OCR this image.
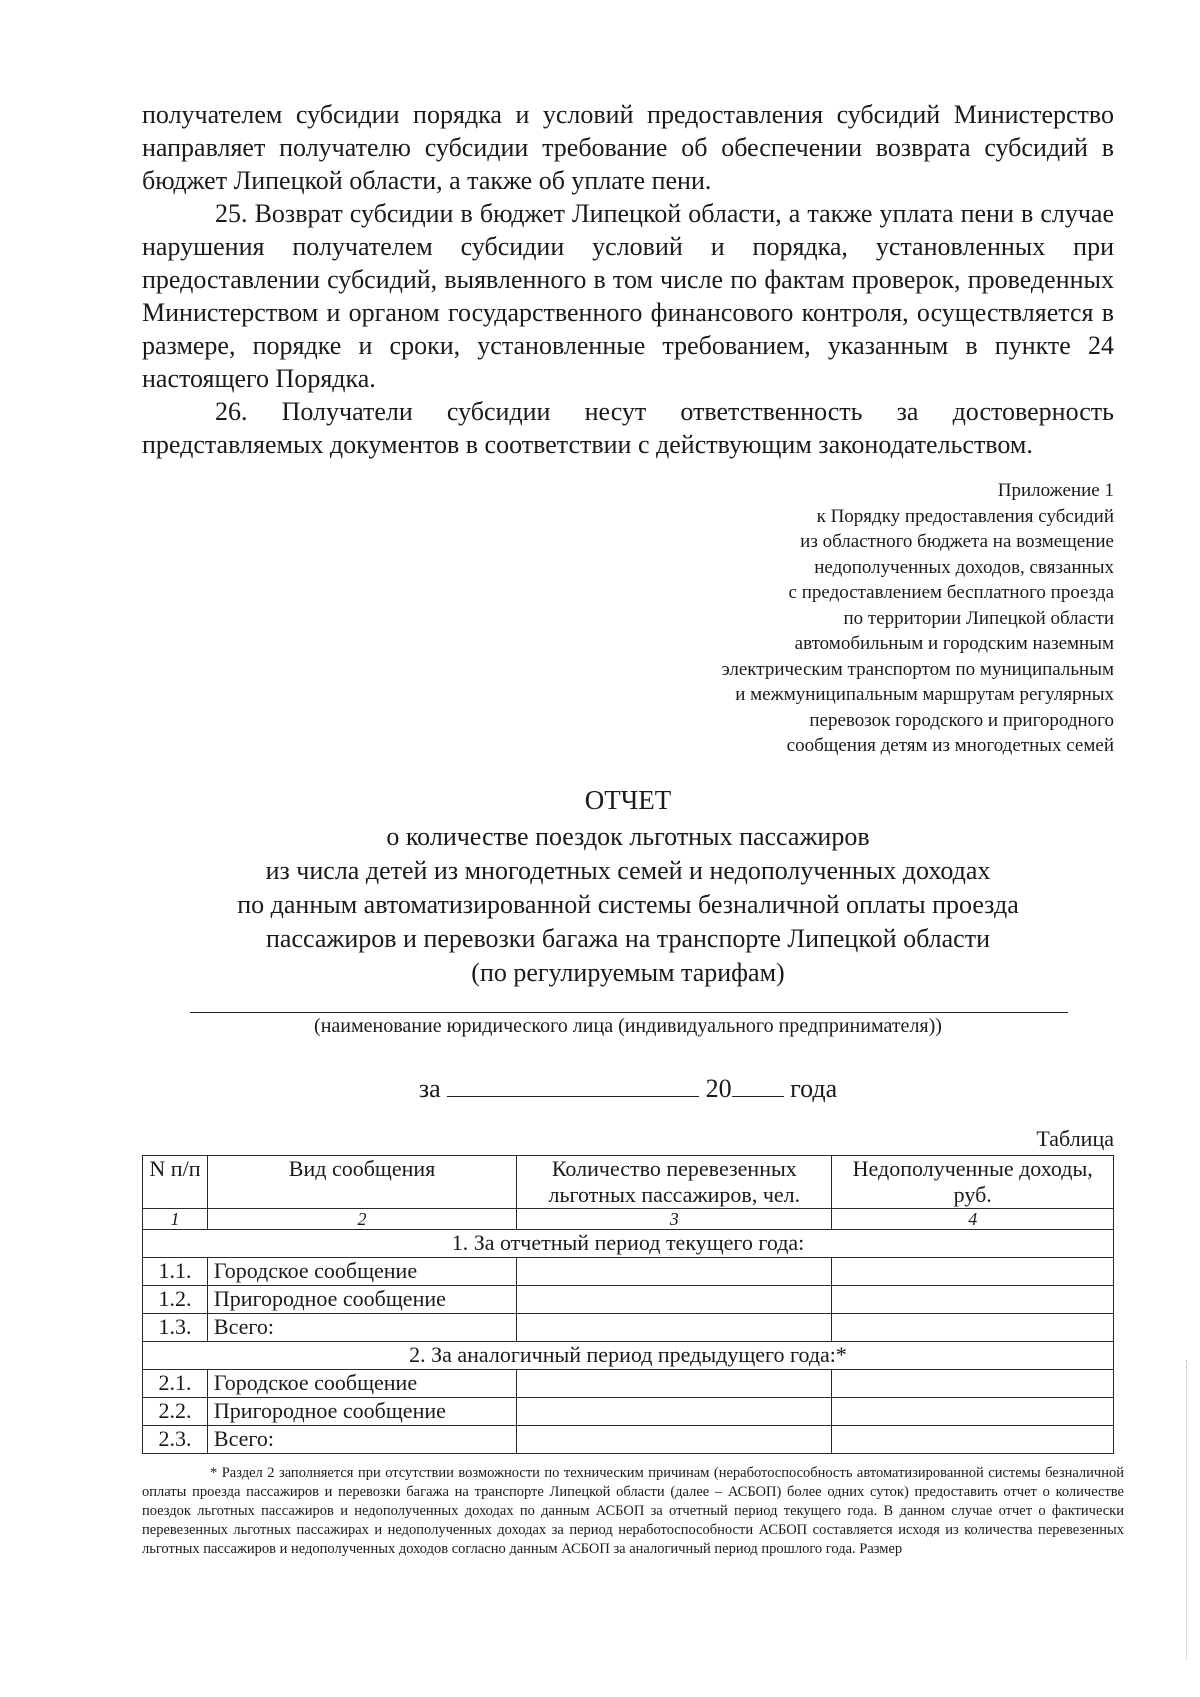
получателем субсидии порядка и условий предоставления субсидий Министерство направляет получателю субсидии требование об обеспечении возврата субсидий в бюджет Липецкой области, а также об уплате пени.

25. Возврат субсидии в бюджет Липецкой области, а также уплата пени в случае нарушения получателем субсидии условий и порядка, установленных при предоставлении субсидий, выявленного в том числе по фактам проверок, проведенных Министерством и органом государственного финансового контроля, осуществляется в размере, порядке и сроки, установленные требованием, указанным в пункте 24 настоящего Порядка.

26. Получатели субсидии несут ответственность за достоверность представляемых документов в соответствии с действующим законодательством.

Приложение 1
к Порядку предоставления субсидий
из областного бюджета на возмещение
недополученных доходов, связанных
с предоставлением бесплатного проезда
по территории Липецкой области
автомобильным и городским наземным
электрическим транспортом по муниципальным
и межмуниципальным маршрутам регулярных
перевозок городского и пригородного
сообщения детям из многодетных семей
ОТЧЕТ
о количестве поездок льготных пассажиров
из числа детей из многодетных семей и недополученных доходах
по данным автоматизированной системы безналичной оплаты проезда
пассажиров и перевозки багажа на транспорте Липецкой области
(по регулируемым тарифам)
(наименование юридического лица (индивидуального предпринимателя))
за	20 года
Таблица
N п/п	Вид сообщения	Количество перевезенных льготных пассажиров, чел.	Недополученные доходы, руб.
1	2	3	4
1. За отчетный период текущего года:			
1.1.	Городское сообщение		
1.2.	Пригородное сообщение		
1.3.	Всего:		
2. За аналогичный период предыдущего года:*			
2.1.	Городское сообщение		
2.2.	Пригородное сообщение		
2.3.	Всего:		

* Раздел 2 заполняется при отсутствии возможности по техническим причинам (неработоспособность автоматизированной системы безналичной оплаты проезда пассажиров и перевозки багажа на транспорте Липецкой области (далее – АСБОП) более одних суток) предоставить отчет о количестве поездок льготных пассажиров и недополученных доходах по данным АСБОП за отчетный период текущего года. В данном случае отчет о фактически перевезенных льготных пассажирах и недополученных доходах за период неработоспособности АСБОП составляется исходя из количества перевезенных льготных пассажиров и недополученных доходов согласно данным АСБОП за аналогичный период прошлого года. Размер
